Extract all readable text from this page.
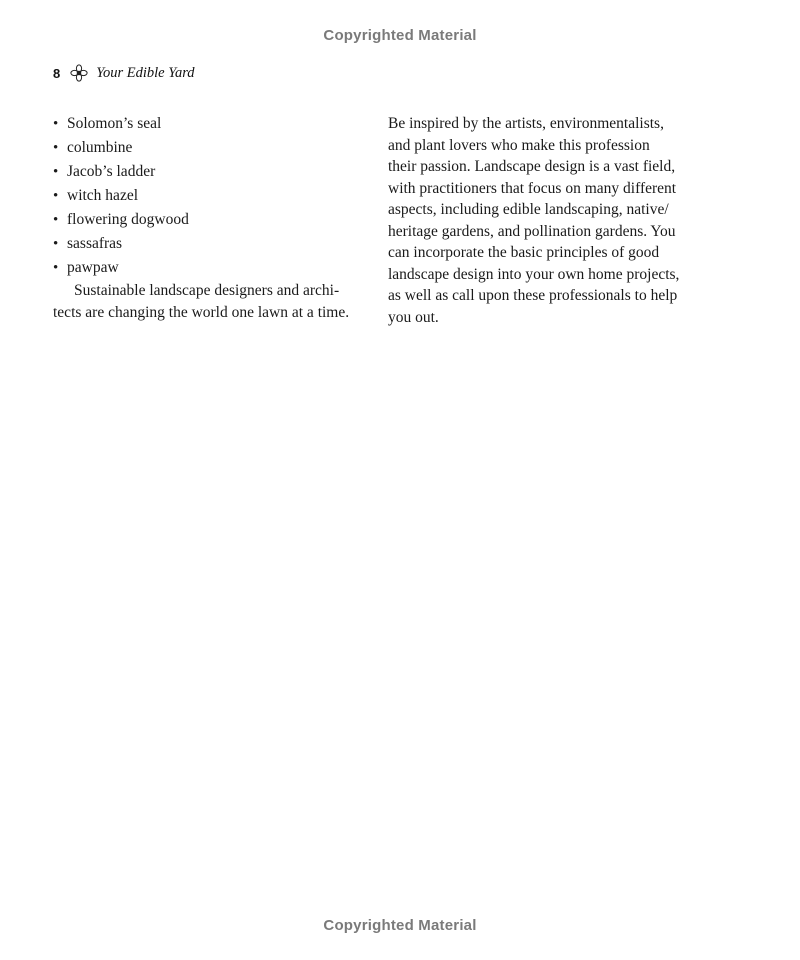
Copyrighted Material
8 Your Edible Yard
• Solomon’s seal
• columbine
• Jacob’s ladder
• witch hazel
• flowering dogwood
• sassafras
• pawpaw
Sustainable landscape designers and archi-
tects are changing the world one lawn at a time.
Be inspired by the artists, environmentalists,
and plant lovers who make this profession
their passion. Landscape design is a vast field,
with practitioners that focus on many different
aspects, including edible landscaping, native/
heritage gardens, and pollination gardens. You
can incorporate the basic principles of good
landscape design into your own home projects,
as well as call upon these professionals to help
you out.
Copyrighted Material
